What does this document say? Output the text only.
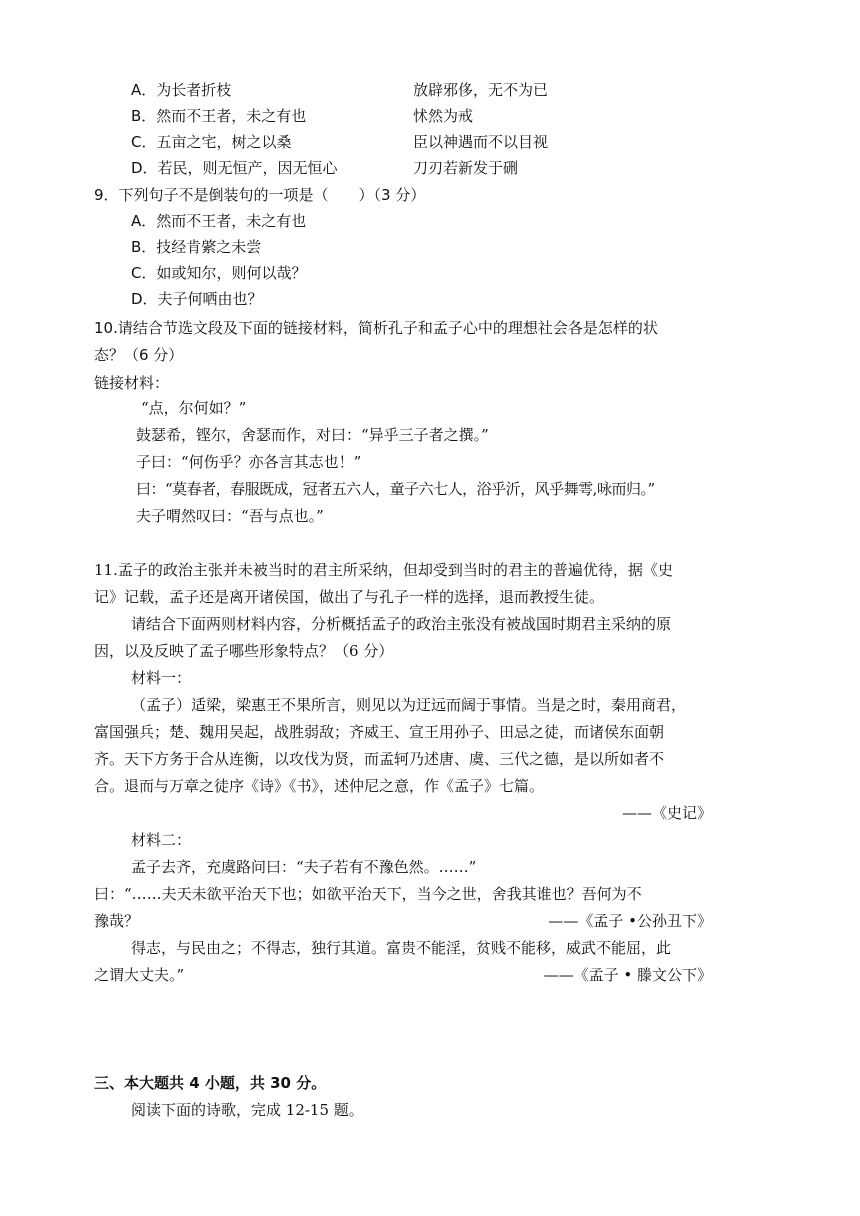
A．为长者折枝	放辟邪侈，无不为已
B．然而不王者，未之有也	怵然为戒
C．五亩之宅，树之以桑	臣以神遇而不以目视
D．若民，则无恒产，因无恒心	刀刃若新发于硎
9．下列句子不是倒装句的一项是（　　）（3 分）
A．然而不王者，未之有也
B．技经肯綮之未尝
C．如或知尔，则何以哉？
D．夫子何哂由也？
10.请结合节选文段及下面的链接材料，简析孔子和孟子心中的理想社会各是怎样的状
态？（6 分）
链接材料：
“点，尔何如？”
鼓瑟希，铿尔，舍瑟而作，对曰：“异乎三子者之撰。”
子曰：“何伤乎？亦各言其志也！”
曰：“莫春者，春服既成，冠者五六人，童子六七人，浴乎沂，风乎舞雩,咏而归。”
夫子喟然叹曰：“吾与点也。”
11.孟子的政治主张并未被当时的君主所采纳，但却受到当时的君主的普遍优待，据《史
记》记载，孟子还是离开诸侯国，做出了与孔子一样的选择，退而教授生徒。
请结合下面两则材料内容，分析概括孟子的政治主张没有被战国时期君主采纳的原
因，以及反映了孟子哪些形象特点？（6 分）
材料一：
（孟子）适梁，梁惠王不果所言，则见以为迂远而阔于事情。当是之时，秦用商君，
富国强兵；楚、魏用吴起，战胜弱敌；齐威王、宣王用孙子、田忌之徒，而诸侯东面朝
齐。天下方务于合从连衡，以攻伐为贤，而孟轲乃述唐、虞、三代之德，是以所如者不
合。退而与万章之徒序《诗》《书》，述仲尼之意，作《孟子》七篇。
——《史记》
材料二：
孟子去齐，充虞路问曰：“夫子若有不豫色然。……”
曰：“……夫天未欲平治天下也；如欲平治天下，当今之世，舍我其谁也？吾何为不
豫哉？	——《孟子 •公孙丑下》
得志，与民由之；不得志，独行其道。富贵不能淫，贫贱不能移，威武不能屈，此
之谓大丈夫。”	——《孟子 • 滕文公下》
三、本大题共 4 小题，共 30 分。
阅读下面的诗歌，完成 12-15 题。
